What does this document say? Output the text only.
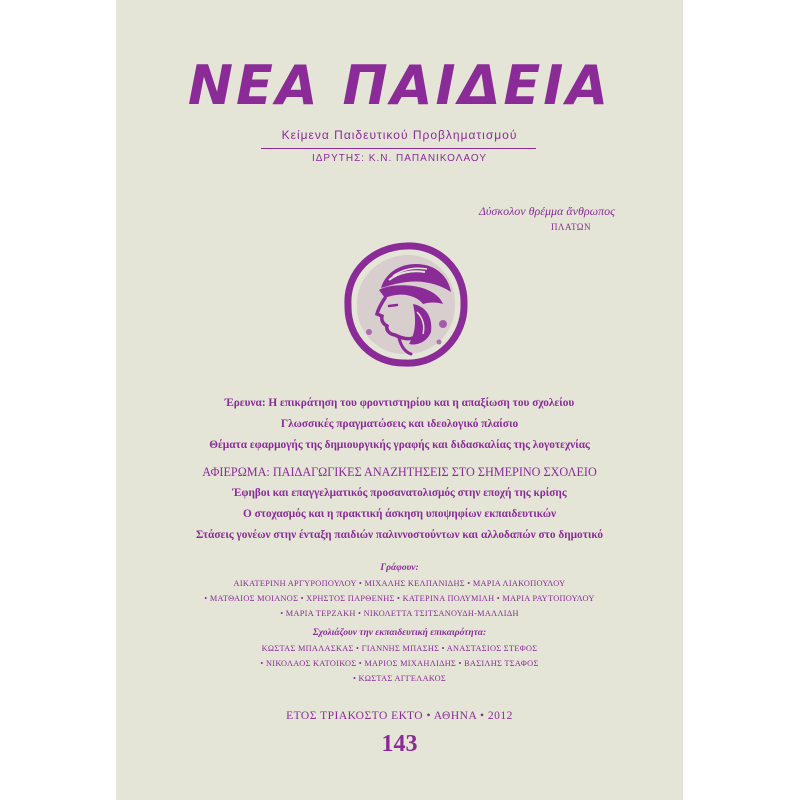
ΝΕΑ ΠΑΙΔΕΙΑ
Κείμενα Παιδευτικού Προβληματισμού
ΙΔΡΥΤΗΣ: Κ.Ν. ΠΑΠΑΝΙΚΟΛΑΟΥ
Δύσκολον θρέμμα ἄνθρωπος
ΠΛΑΤΩΝ
Έρευνα: Η επικράτηση του φροντιστηρίου και η απαξίωση του σχολείου
Γλωσσικές πραγματώσεις και ιδεολογικό πλαίσιο
Θέματα εφαρμογής της δημιουργικής γραφής και διδασκαλίας της λογοτεχνίας
ΑΦΙΕΡΩΜΑ: ΠΑΙΔΑΓΩΓΙΚΕΣ ΑΝΑΖΗΤΗΣΕΙΣ ΣΤΟ ΣΗΜΕΡΙΝΟ ΣΧΟΛΕΙΟ
Έφηβοι και επαγγελματικός προσανατολισμός στην εποχή της κρίσης
Ο στοχασμός και η πρακτική άσκηση υποψηφίων εκπαιδευτικών
Στάσεις γονέων στην ένταξη παιδιών παλιννοστούντων και αλλοδαπών στο δημοτικό
Γράφουν:
ΑΙΚΑΤΕΡΙΝΗ ΑΡΓΥΡΟΠΟΥΛΟΥ • ΜΙΧΑΛΗΣ ΚΕΛΠΑΝΙΔΗΣ • ΜΑΡΙΑ ΛΙΑΚΟΠΟΥΛΟΥ
• ΜΑΤΘΑΙΟΣ ΜΟΙΑΝΟΣ • ΧΡΗΣΤΟΣ ΠΑΡΘΕΝΗΣ • ΚΑΤΕΡΙΝΑ ΠΟΛΥΜΙΛΗ • ΜΑΡΙΑ ΡΑΥΤΟΠΟΥΛΟΥ
• ΜΑΡΙΑ ΤΕΡΖΑΚΗ • ΝΙΚΟΛΕΤΤΑ ΤΣΙΤΣΑΝΟΥΔΗ-ΜΑΛΛΙΔΗ
Σχολιάζουν την εκπαιδευτική επικαιρότητα:
ΚΩΣΤΑΣ ΜΠΑΛΑΣΚΑΣ • ΓΙΑΝΝΗΣ ΜΠΑΣΗΣ • ΑΝΑΣΤΑΣΙΟΣ ΣΤΕΦΟΣ
• ΝΙΚΟΛΑΟΣ ΚΑΤΟΙΚΟΣ • ΜΑΡΙΟΣ ΜΙΧΑΗΛΙΔΗΣ • ΒΑΣΙΛΗΣ ΤΣΑΦΟΣ
• ΚΩΣΤΑΣ ΑΓΓΕΛΑΚΟΣ
ΕΤΟΣ ΤΡΙΑΚΟΣΤΟ ΕΚΤΟ • ΑΘΗΝΑ • 2012
143
